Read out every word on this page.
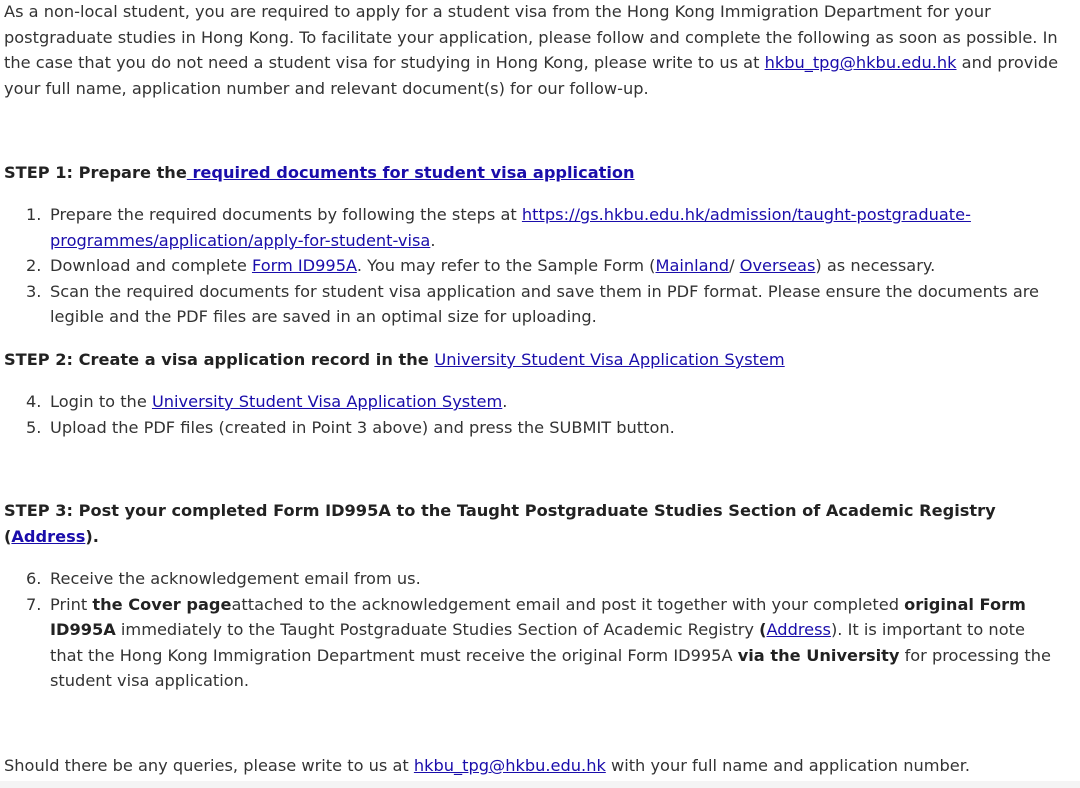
As a non-local student, you are required to apply for a student visa from the Hong Kong Immigration Department for your
postgraduate studies in Hong Kong. To facilitate your application, please follow and complete the following as soon as possible. In
the case that you do not need a student visa for studying in Hong Kong, please write to us at hkbu_tpg@hkbu.edu.hk and provide
your full name, application number and relevant document(s) for our follow-up.
STEP 1: Prepare the required documents for student visa application
1. Prepare the required documents by following the steps at https://gs.hkbu.edu.hk/admission/taught-postgraduate-
programmes/application/apply-for-student-visa.
2. Download and complete Form ID995A. You may refer to the Sample Form (Mainland/ Overseas) as necessary.
3. Scan the required documents for student visa application and save them in PDF format. Please ensure the documents are
legible and the PDF files are saved in an optimal size for uploading.
STEP 2: Create a visa application record in the University Student Visa Application System
4. Login to the University Student Visa Application System.
5. Upload the PDF files (created in Point 3 above) and press the SUBMIT button.
STEP 3: Post your completed Form ID995A to the Taught Postgraduate Studies Section of Academic Registry
(Address).
6. Receive the acknowledgement email from us.
7. Print the Cover pageattached to the acknowledgement email and post it together with your completed original Form
ID995A immediately to the Taught Postgraduate Studies Section of Academic Registry (Address). It is important to note
that the Hong Kong Immigration Department must receive the original Form ID995A via the University for processing the
student visa application.
Should there be any queries, please write to us at hkbu_tpg@hkbu.edu.hk with your full name and application number.
